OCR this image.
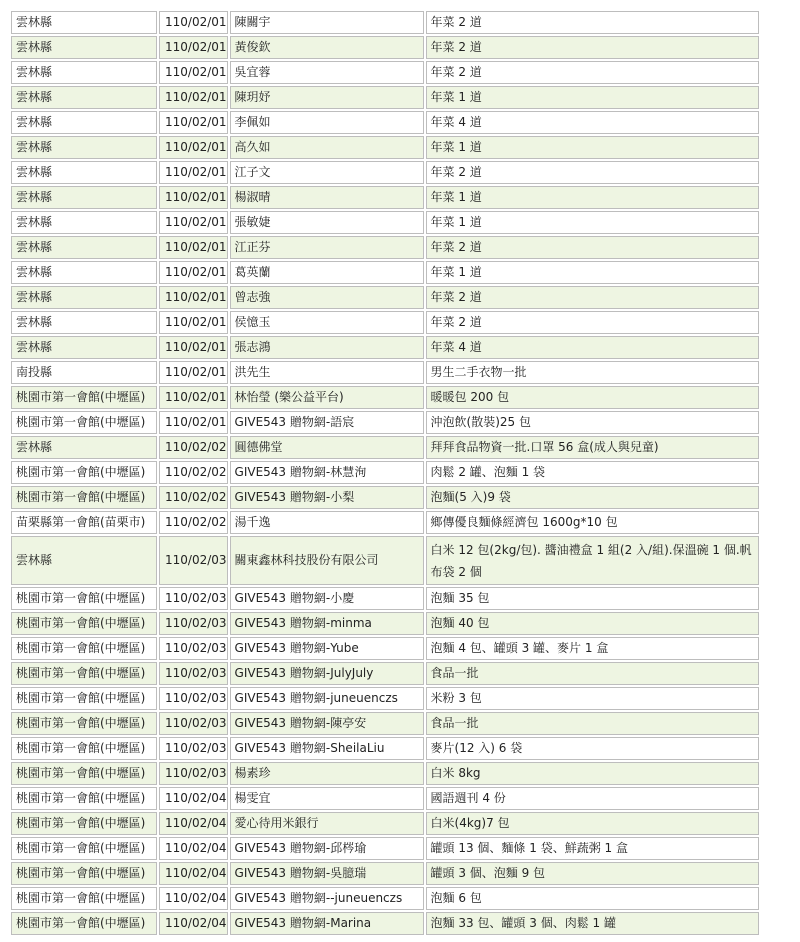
雲林縣	110/02/01	陳關宇	年菜 2 道
雲林縣	110/02/01	黃俊欽	年菜 2 道
雲林縣	110/02/01	吳宜蓉	年菜 2 道
雲林縣	110/02/01	陳玥妤	年菜 1 道
雲林縣	110/02/01	李佩如	年菜 4 道
雲林縣	110/02/01	高久如	年菜 1 道
雲林縣	110/02/01	江子文	年菜 2 道
雲林縣	110/02/01	楊淑晴	年菜 1 道
雲林縣	110/02/01	張敏婕	年菜 1 道
雲林縣	110/02/01	江正芬	年菜 2 道
雲林縣	110/02/01	葛英蘭	年菜 1 道
雲林縣	110/02/01	曾志強	年菜 2 道
雲林縣	110/02/01	侯憶玉	年菜 2 道
雲林縣	110/02/01	張志鴻	年菜 4 道
南投縣	110/02/01	洪先生	男生二手衣物一批
桃園市第一會館(中壢區)	110/02/01	林怡瑩 (樂公益平台)	暖暖包 200 包
桃園市第一會館(中壢區)	110/02/01	GIVE543 贈物網-語宸	沖泡飲(散裝)25 包
雲林縣	110/02/02	圓德佛堂	拜拜食品物資一批.口罩 56 盒(成人與兒童)
桃園市第一會館(中壢區)	110/02/02	GIVE543 贈物網-林慧洵	肉鬆 2 罐、泡麵 1 袋
桃園市第一會館(中壢區)	110/02/02	GIVE543 贈物網-小梨	泡麵(5 入)9 袋
苗栗縣第一會館(苗栗市)	110/02/02	湯千逸	鄉傳優良麵條經濟包 1600g*10 包
雲林縣	110/02/03	關東鑫林科技股份有限公司	白米 12 包(2kg/包). 醬油禮盒 1 組(2 入/組).保溫碗 1 個.帆布袋 2 個
桃園市第一會館(中壢區)	110/02/03	GIVE543 贈物網-小慶	泡麵 35 包
桃園市第一會館(中壢區)	110/02/03	GIVE543 贈物網-minma	泡麵 40 包
桃園市第一會館(中壢區)	110/02/03	GIVE543 贈物網-Yube	泡麵 4 包、罐頭 3 罐、麥片 1 盒
桃園市第一會館(中壢區)	110/02/03	GIVE543 贈物網-JulyJuly	食品一批
桃園市第一會館(中壢區)	110/02/03	GIVE543 贈物網-juneuenczs	米粉 3 包
桃園市第一會館(中壢區)	110/02/03	GIVE543 贈物網-陳亭安	食品一批
桃園市第一會館(中壢區)	110/02/03	GIVE543 贈物網-SheilaLiu	麥片(12 入) 6 袋
桃園市第一會館(中壢區)	110/02/03	楊素珍	白米 8kg
桃園市第一會館(中壢區)	110/02/04	楊雯宜	國語週刊 4 份
桃園市第一會館(中壢區)	110/02/04	愛心待用米銀行	白米(4kg)7 包
桃園市第一會館(中壢區)	110/02/04	GIVE543 贈物網-邱梣瑜	罐頭 13 個、麵條 1 袋、鮮蔬粥 1 盒
桃園市第一會館(中壢區)	110/02/04	GIVE543 贈物網-吳臆瑞	罐頭 3 個、泡麵 9 包
桃園市第一會館(中壢區)	110/02/04	GIVE543 贈物網--juneuenczs	泡麵 6 包
桃園市第一會館(中壢區)	110/02/04	GIVE543 贈物網-Marina	泡麵 33 包、罐頭 3 個、肉鬆 1 罐
